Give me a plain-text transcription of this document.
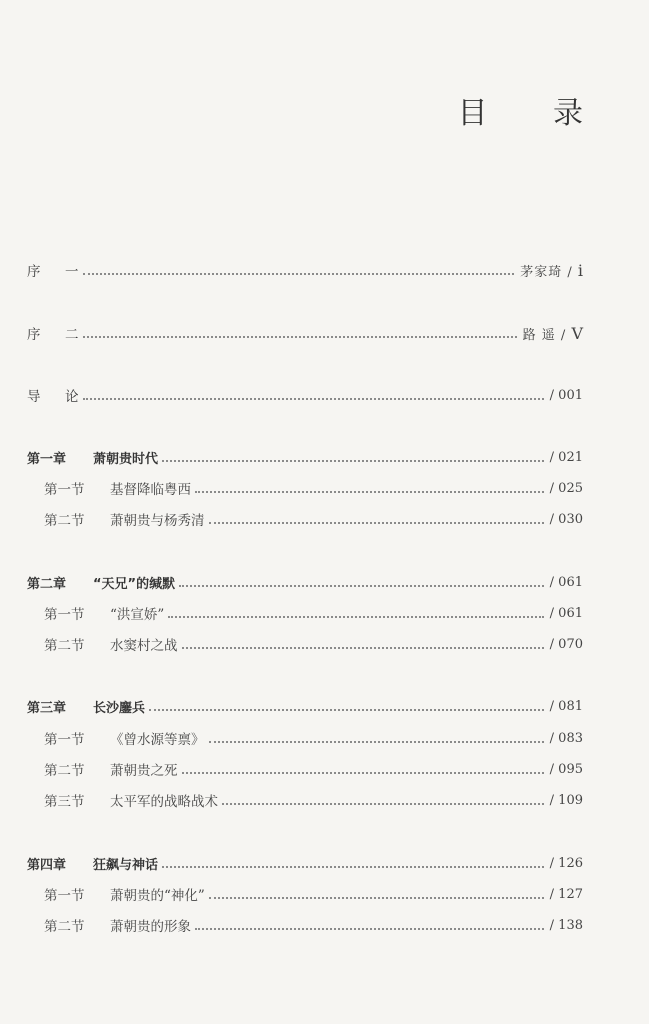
目 录
序 一	茅家琦 / i
序 二	路 遥 / V
导 论	/ 001
第一章 萧朝贵时代	/ 021
第一节 基督降临粤西	/ 025
第二节 萧朝贵与杨秀清	/ 030
第二章 “天兄”的缄默	/ 061
第一节 “洪宣娇”	/ 061
第二节 水窦村之战	/ 070
第三章 长沙鏖兵	/ 081
第一节 《曾水源等禀》	/ 083
第二节 萧朝贵之死	/ 095
第三节 太平军的战略战术	/ 109
第四章 狂飙与神话	/ 126
第一节 萧朝贵的“神化”	/ 127
第二节 萧朝贵的形象	/ 138
